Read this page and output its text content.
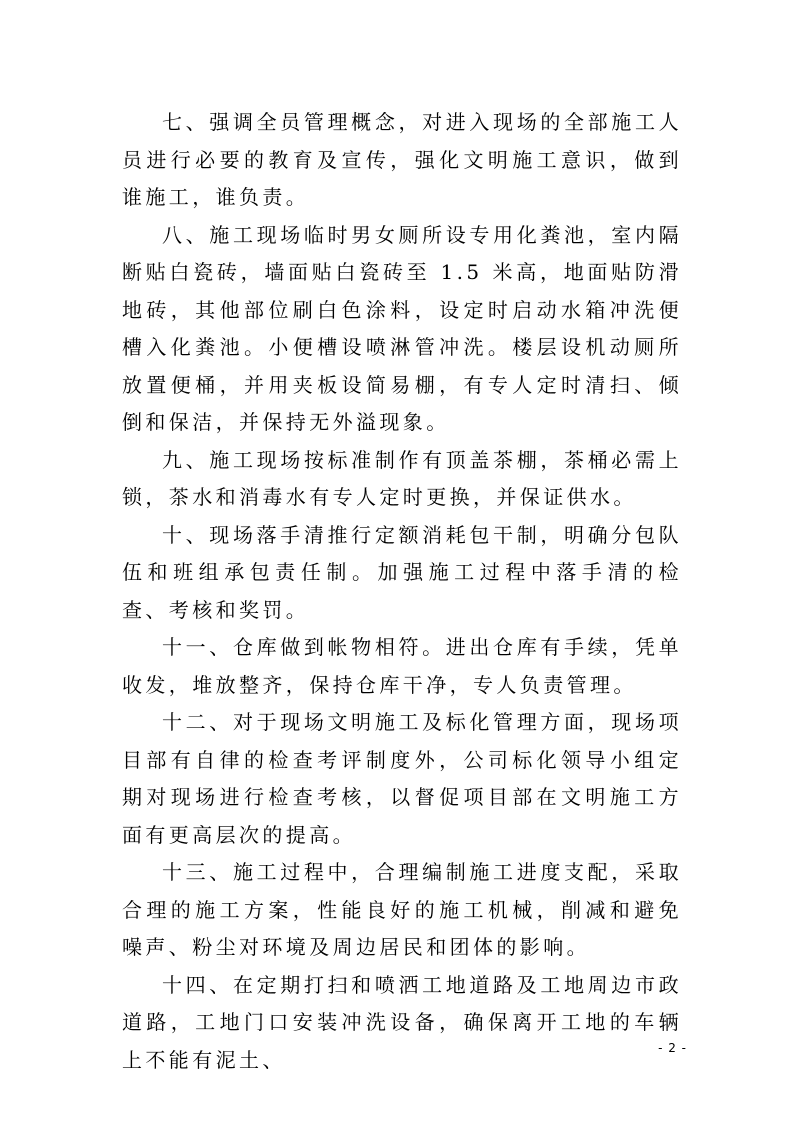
七、强调全员管理概念，对进入现场的全部施工人员进行必要的教育及宣传，强化文明施工意识，做到谁施工，谁负责。

八、施工现场临时男女厕所设专用化粪池，室内隔断贴白瓷砖，墙面贴白瓷砖至 1.5 米高，地面贴防滑地砖，其他部位刷白色涂料，设定时启动水箱冲洗便槽入化粪池。小便槽设喷淋管冲洗。楼层设机动厕所放置便桶，并用夹板设简易棚，有专人定时清扫、倾倒和保洁，并保持无外溢现象。

九、施工现场按标准制作有顶盖茶棚，茶桶必需上锁，茶水和消毒水有专人定时更换，并保证供水。

十、现场落手清推行定额消耗包干制，明确分包队伍和班组承包责任制。加强施工过程中落手清的检查、考核和奖罚。

十一、仓库做到帐物相符。进出仓库有手续，凭单收发，堆放整齐，保持仓库干净，专人负责管理。

十二、对于现场文明施工及标化管理方面，现场项目部有自律的检查考评制度外，公司标化领导小组定期对现场进行检查考核，以督促项目部在文明施工方面有更高层次的提高。

十三、施工过程中，合理编制施工进度支配，采取合理的施工方案，性能良好的施工机械，削减和避免噪声、粉尘对环境及周边居民和团体的影响。

十四、在定期打扫和喷洒工地道路及工地周边市政道路，工地门口安装冲洗设备，确保离开工地的车辆上不能有泥土、	- 2 -
